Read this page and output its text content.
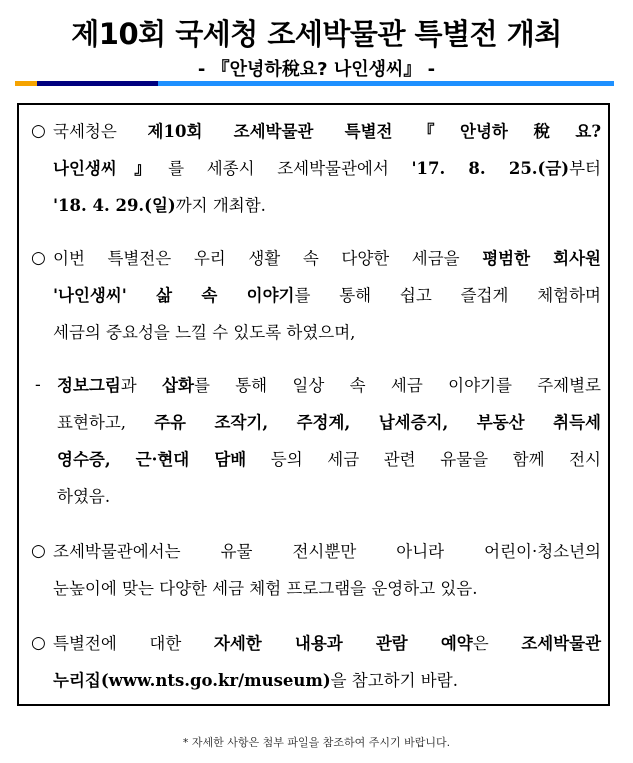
제10회 국세청 조세박물관 특별전 개최
- 『안녕하稅요? 나인생씨』 -
○ 국세청은 제10회 조세박물관 특별전『안녕하稅요?
나인생씨』를 세종시 조세박물관에서 '17. 8. 25.(금)부터
'18. 4. 29.(일)까지 개최함.
○ 이번 특별전은 우리 생활 속 다양한 세금을 평범한 회사원
'나인생씨' 삶 속 이야기를 통해 쉽고 즐겁게 체험하며
세금의 중요성을 느낄 수 있도록 하였으며,
- 정보그림과 삽화를 통해 일상 속 세금 이야기를 주제별로
표현하고, 주유 조작기, 주정계, 납세증지, 부동산 취득세
영수증, 근·현대 담배 등의 세금 관련 유물을 함께 전시
하였음.
○ 조세박물관에서는 유물 전시뿐만 아니라 어린이·청소년의
눈높이에 맞는 다양한 세금 체험 프로그램을 운영하고 있음.
○ 특별전에 대한 자세한 내용과 관람 예약은 조세박물관
누리집(www.nts.go.kr/museum)을 참고하기 바람.
* 자세한 사항은 첨부 파일을 참조하여 주시기 바랍니다.
